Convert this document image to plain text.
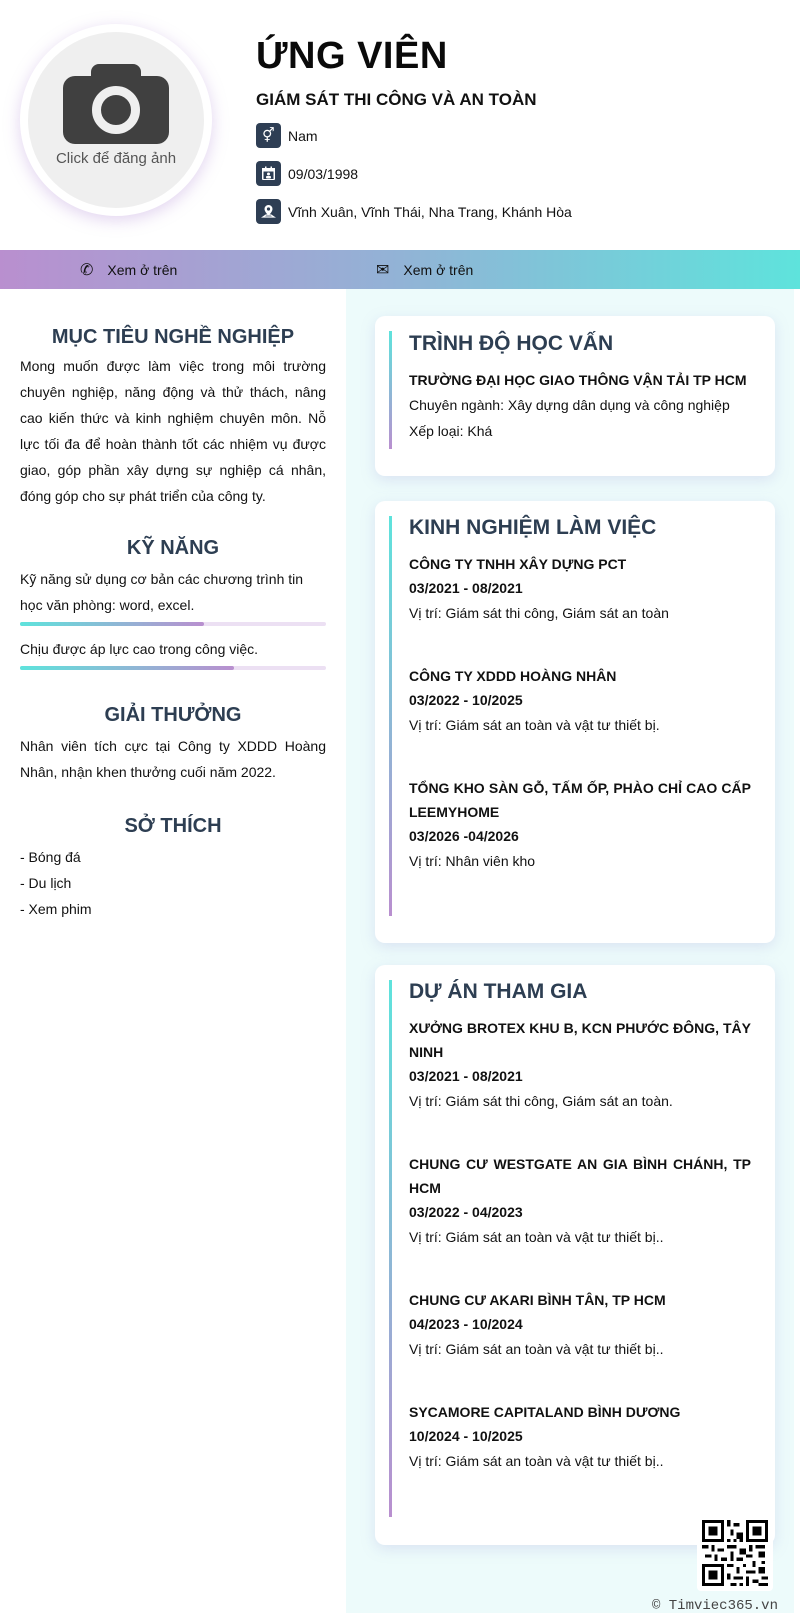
Click để đăng ảnh
ỨNG VIÊN
GIÁM SÁT THI CÔNG VÀ AN TOÀN
⚥ Nam
09/03/1998
Vĩnh Xuân, Vĩnh Thái, Nha Trang, Khánh Hòa
✆ Xem ở trên	✉ Xem ở trên
MỤC TIÊU NGHỀ NGHIỆP
Mong muốn được làm việc trong môi trường chuyên nghiệp, năng động và thử thách, nâng cao kiến thức và kinh nghiệm chuyên môn. Nỗ lực tối đa để hoàn thành tốt các nhiệm vụ được giao, góp phần xây dựng sự nghiệp cá nhân, đóng góp cho sự phát triển của công ty.
KỸ NĂNG
Kỹ năng sử dụng cơ bản các chương trình tin học văn phòng: word, excel.
Chịu được áp lực cao trong công việc.
GIẢI THƯỞNG
Nhân viên tích cực tại Công ty XDDD Hoàng Nhân, nhận khen thưởng cuối năm 2022.
SỞ THÍCH
- Bóng đá
- Du lịch
- Xem phim
TRÌNH ĐỘ HỌC VẤN
TRƯỜNG ĐẠI HỌC GIAO THÔNG VẬN TẢI TP HCM
Chuyên ngành: Xây dựng dân dụng và công nghiệp
Xếp loại: Khá
KINH NGHIỆM LÀM VIỆC
CÔNG TY TNHH XÂY DỰNG PCT
03/2021 - 08/2021
Vị trí: Giám sát thi công, Giám sát an toàn
CÔNG TY XDDD HOÀNG NHÂN
03/2022 - 10/2025
Vị trí: Giám sát an toàn và vật tư thiết bị.
TỔNG KHO SÀN GỖ, TẤM ỐP, PHÀO CHỈ CAO CẤP LEEMYHOME
03/2026 -04/2026
Vị trí: Nhân viên kho
DỰ ÁN THAM GIA
XƯỞNG BROTEX KHU B, KCN PHƯỚC ĐÔNG, TÂY NINH
03/2021 - 08/2021
Vị trí: Giám sát thi công, Giám sát an toàn.
CHUNG CƯ WESTGATE AN GIA BÌNH CHÁNH, TP HCM
03/2022 - 04/2023
Vị trí: Giám sát an toàn và vật tư thiết bị..
CHUNG CƯ AKARI BÌNH TÂN, TP HCM
04/2023 - 10/2024
Vị trí: Giám sát an toàn và vật tư thiết bị..
SYCAMORE CAPITALAND BÌNH DƯƠNG
10/2024 - 10/2025
Vị trí: Giám sát an toàn và vật tư thiết bị..
© Timviec365.vn
